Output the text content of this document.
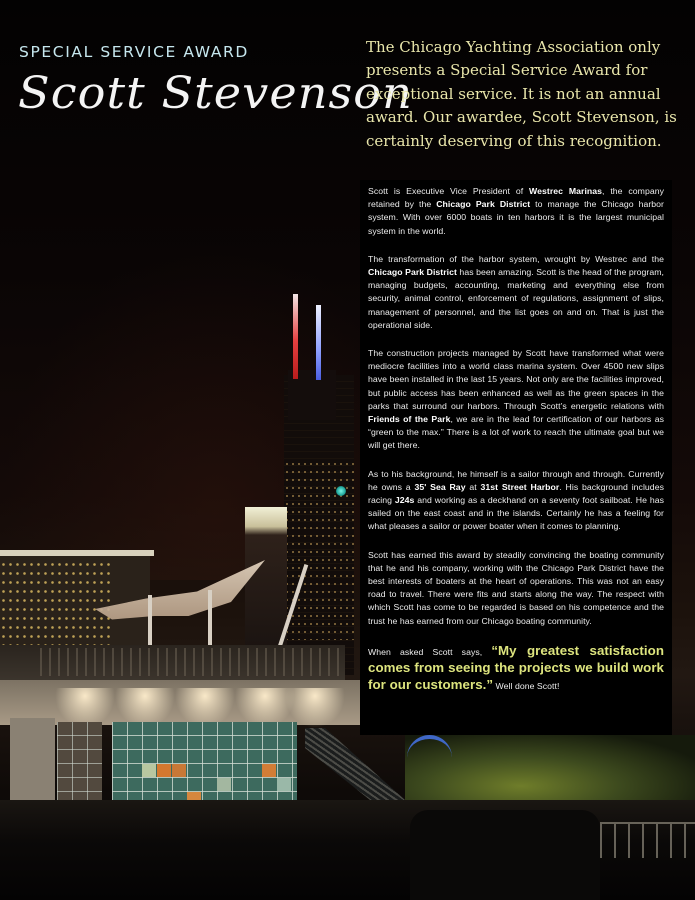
SPECIAL SERVICE AWARD
Scott Stevenson

The Chicago Yachting Association only presents a Special Service Award for exceptional service. It is not an annual award. Our awardee, Scott Stevenson, is certainly deserving of this recognition.

Scott is Executive Vice President of Westrec Marinas, the company retained by the Chicago Park District to manage the Chicago harbor system. With over 6000 boats in ten harbors it is the largest municipal system in the world.

The transformation of the harbor system, wrought by Westrec and the Chicago Park District has been amazing. Scott is the head of the program, managing budgets, accounting, marketing and everything else from security, animal control, enforcement of regulations, assignment of slips, management of personnel, and the list goes on and on. That is just the operational side.

The construction projects managed by Scott have transformed what were mediocre facilities into a world class marina system. Over 4500 new slips have been installed in the last 15 years. Not only are the facilities improved, but public access has been enhanced as well as the green spaces in the parks that surround our harbors. Through Scott’s energetic relations with Friends of the Park, we are in the lead for certification of our harbors as “green to the max.” There is a lot of work to reach the ultimate goal but we will get there.

As to his background, he himself is a sailor through and through. Currently he owns a 35' Sea Ray at 31st Street Harbor. His background includes racing J24s and working as a deckhand on a seventy foot sailboat. He has sailed on the east coast and in the islands. Certainly he has a feeling for what pleases a sailor or power boater when it comes to planning.

Scott has earned this award by steadily convincing the boating community that he and his company, working with the Chicago Park District have the best interests of boaters at the heart of operations. This was not an easy road to travel. There were fits and starts along the way. The respect with which Scott has come to be regarded is based on his competence and the trust he has earned from our Chicago boating community.

When asked Scott says, “My greatest satisfaction comes from seeing the projects we build work for our customers.” Well done Scott!
